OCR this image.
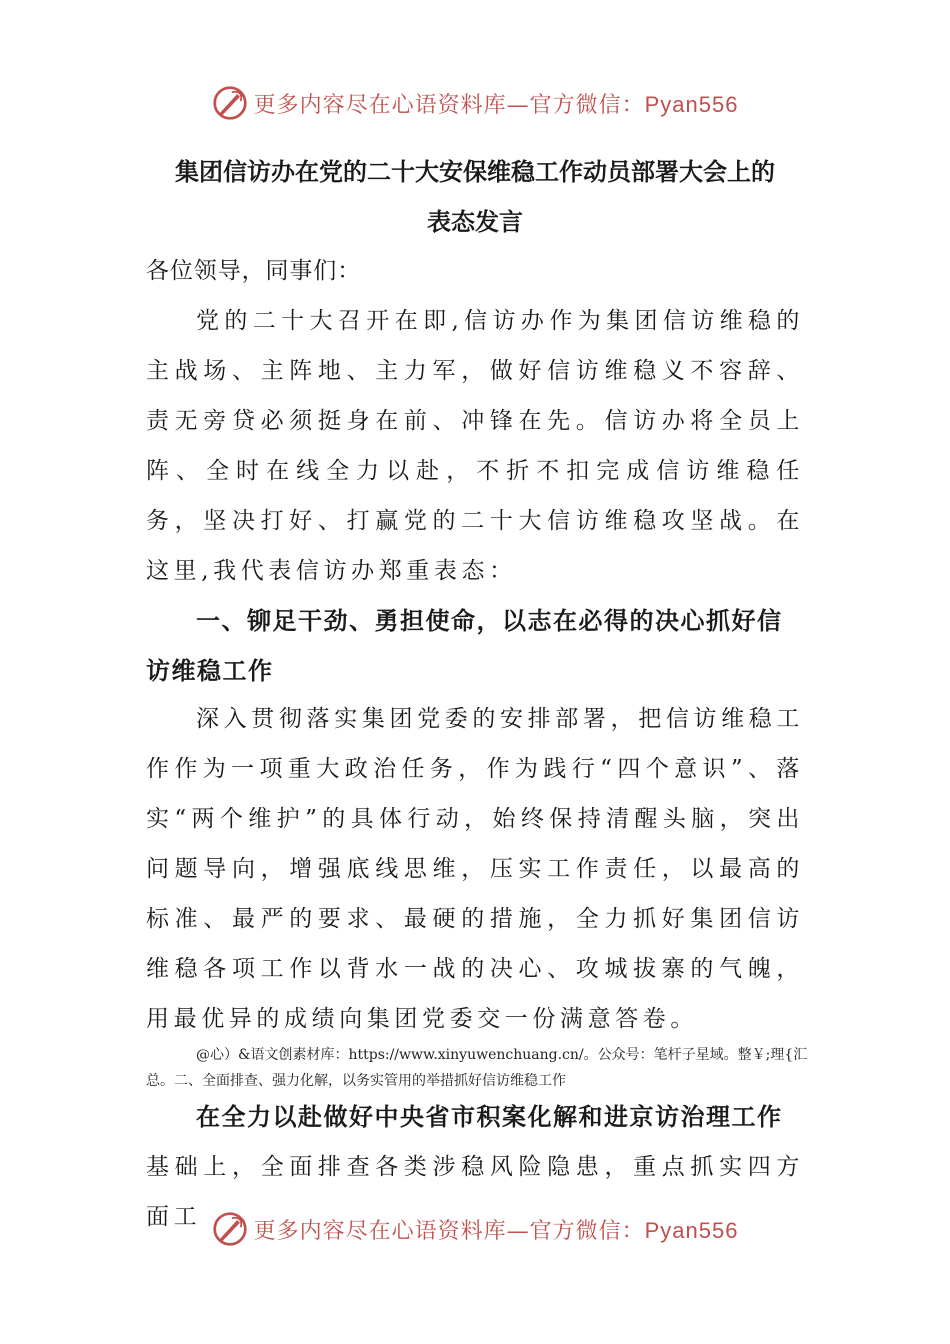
更多内容尽在心语资料库—官方微信：Pyan556
集团信访办在党的二十大安保维稳工作动员部署大会上的
表态发言
各位领导，同事们：
党的二十大召开在即,信访办作为集团信访维稳的主战场、主阵地、主力军，做好信访维稳义不容辞、责无旁贷必须挺身在前、冲锋在先。信访办将全员上阵、全时在线全力以赴，不折不扣完成信访维稳任务，坚决打好、打赢党的二十大信访维稳攻坚战。在这里,我代表信访办郑重表态：
一、铆足干劲、勇担使命，以志在必得的决心抓好信访维稳工作
深入贯彻落实集团党委的安排部署，把信访维稳工作作为一项重大政治任务，作为践行“四个意识”、落实“两个维护”的具体行动，始终保持清醒头脑，突出问题导向，增强底线思维，压实工作责任，以最高的标准、最严的要求、最硬的措施，全力抓好集团信访维稳各项工作以背水一战的决心、攻城拔寨的气魄，用最优异的成绩向集团党委交一份满意答卷。
@心）&语文创素材库：https://www.xinyuwenchuang.cn/。公众号：笔杆子星域。整￥;理{汇总。二、全面排查、强力化解，以务实管用的举措抓好信访维稳工作
在全力以赴做好中央省市积案化解和进京访治理工作
基础上，全面排查各类涉稳风险隐患，重点抓实四方面工
更多内容尽在心语资料库—官方微信：Pyan556
